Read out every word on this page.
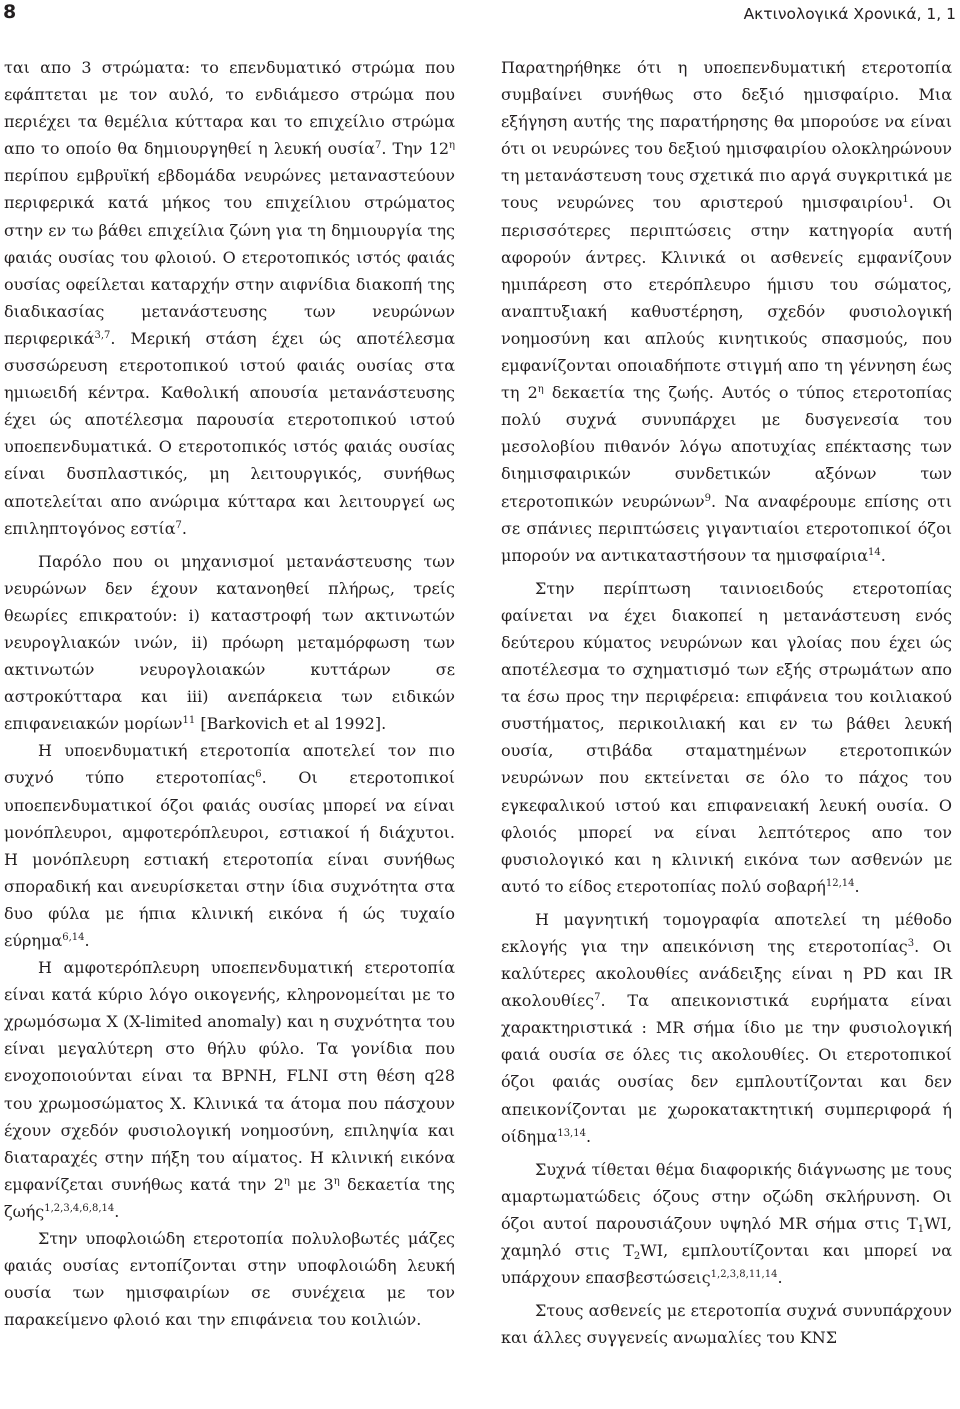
8	Ακτινολογικά Χρονικά, 1, 1

ται απο 3 στρώματα: το επενδυματικό στρώμα που εφάπτεται με τον αυλό, το ενδιάμεσο στρώμα που περιέχει τα θεμέλια κύτταρα και το επιχείλιο στρώμα απο το οποίο θα δημιουργηθεί η λευκή ουσία$^7$. Την $12^\eta$ περίπου εμβρυϊκή εβδομάδα νευρώνες μεταναστεύουν περιφερικά κατά μήκος του επιχείλιου στρώματος στην εν τω βάθει επιχείλια ζώνη για τη δημιουργία της φαιάς ουσίας του φλοιού. Ο ετεροτοπικός ιστός φαιάς ουσίας οφείλεται καταρχήν στην αιφνίδια διακοπή της διαδικασίας μετανάστευσης των νευρώνων περιφερικά$^{3,7}$. Μερική στάση έχει ώς αποτέλεσμα συσσώρευση ετεροτοπικού ιστού φαιάς ουσίας στα ημιωειδή κέντρα. Καθολική απουσία μετανάστευσης έχει ώς αποτέλεσμα παρουσία ετεροτοπικού ιστού υποεπενδυματικά. Ο ετεροτοπικός ιστός φαιάς ουσίας είναι δυσπλαστικός, μη λειτουργικός, συνήθως αποτελείται απο ανώριμα κύτταρα και λειτουργεί ως επιληπτογόνος εστία$^7$.

Παρόλο που οι μηχανισμοί μετανάστευσης των νευρώνων δεν έχουν κατανοηθεί πλήρως, τρείς θεωρίες επικρατούν: i) καταστροφή των ακτινωτών νευρογλιακών ινών, ii) πρόωρη μεταμόρφωση των ακτινωτών νευρογλοιακών κυττάρων σε αστροκύτταρα και iii) ανεπάρκεια των ειδικών επιφανειακών μορίων$^{11}$ [Barkovich et al 1992].

Η υποενδυματική ετεροτοπία αποτελεί τον πιο συχνό τύπο ετεροτοπίας$^6$. Οι ετεροτοπικοί υποεπενδυματικοί όζοι φαιάς ουσίας μπορεί να είναι μονόπλευροι, αμφοτερόπλευροι, εστιακοί ή διάχυτοι. Η μονόπλευρη εστιακή ετεροτοπία είναι συνήθως σποραδική και ανευρίσκεται στην ίδια συχνότητα στα δυο φύλα με ήπια κλινική εικόνα ή ώς τυχαίο εύρημα$^{6,14}$.

Η αμφοτερόπλευρη υποεπενδυματική ετεροτοπία είναι κατά κύριο λόγο οικογενής, κληρονομείται με το χρωμόσωμα X (X-limited anomaly) και η συχνότητα του είναι μεγαλύτερη στο θήλυ φύλο. Τα γονίδια που ενοχοποιούνται είναι τα BPNH, FLNI στη θέση q28 του χρωμοσώματος X. Κλινικά τα άτομα που πάσχουν έχουν σχεδόν φυσιολογική νοημοσύνη, επιληψία και διαταραχές στην πήξη του αίματος. Η κλινική εικόνα εμφανίζεται συνήθως κατά την $2^\eta$ με $3^\eta$ δεκαετία της ζωής$^{1,2,3,4,6,8,14}$.

Στην υποφλοιώδη ετεροτοπία πολυλοβωτές μάζες φαιάς ουσίας εντοπίζονται στην υποφλοιώδη λευκή ουσία των ημισφαιρίων σε συνέχεια με τον παρακείμενο φλοιό και την επιφάνεια του κοιλιών.

Παρατηρήθηκε ότι η υποεπενδυματική ετεροτοπία συμβαίνει συνήθως στο δεξιό ημισφαίριο. Μια εξήγηση αυτής της παρατήρησης θα μπορούσε να είναι ότι οι νευρώνες του δεξιού ημισφαιρίου ολοκληρώνουν τη μετανάστευση τους σχετικά πιο αργά συγκριτικά με τους νευρώνες του αριστερού ημισφαιρίου$^1$. Οι περισσότερες περιπτώσεις στην κατηγορία αυτή αφορούν άντρες. Κλινικά οι ασθενείς εμφανίζουν ημιπάρεση στο ετερόπλευρο ήμισυ του σώματος, αναπτυξιακή καθυστέρηση, σχεδόν φυσιολογική νοημοσύνη και απλούς κινητικούς σπασμούς, που εμφανίζονται οποιαδήποτε στιγμή απο τη γέννηση έως τη $2^\eta$ δεκαετία της ζωής. Αυτός ο τύπος ετεροτοπίας πολύ συχνά συνυπάρχει με δυσγενεσία του μεσολοβίου πιθανόν λόγω αποτυχίας επέκτασης των διημισφαιρικών συνδετικών αξόνων των ετεροτοπικών νευρώνων$^9$. Να αναφέρουμε επίσης οτι σε σπάνιες περιπτώσεις γιγαντιαίοι ετεροτοπικοί όζοι μπορούν να αντικαταστήσουν τα ημισφαίρια$^{14}$.

Στην περίπτωση ταινιοειδούς ετεροτοπίας φαίνεται να έχει διακοπεί η μετανάστευση ενός δεύτερου κύματος νευρώνων και γλοίας που έχει ώς αποτέλεσμα το σχηματισμό των εξής στρωμάτων απο τα έσω προς την περιφέρεια: επιφάνεια του κοιλιακού συστήματος, περικοιλιακή και εν τω βάθει λευκή ουσία, στιβάδα σταματημένων ετεροτοπικών νευρώνων που εκτείνεται σε όλο το πάχος του εγκεφαλικού ιστού και επιφανειακή λευκή ουσία. Ο φλοιός μπορεί να είναι λεπτότερος απο τον φυσιολογικό και η κλινική εικόνα των ασθενών με αυτό το είδος ετεροτοπίας πολύ σοβαρή$^{12,14}$.

Η μαγνητική τομογραφία αποτελεί τη μέθοδο εκλογής για την απεικόνιση της ετεροτοπίας$^3$. Οι καλύτερες ακολουθίες ανάδειξης είναι η PD και IR ακολουθίες$^7$. Τα απεικονιστικά ευρήματα είναι χαρακτηριστικά : MR σήμα ίδιο με την φυσιολογική φαιά ουσία σε όλες τις ακολουθίες. Οι ετεροτοπικοί όζοι φαιάς ουσίας δεν εμπλουτίζονται και δεν απεικονίζονται με χωροκατακτητική συμπεριφορά ή οίδημα$^{13,14}$.

Συχνά τίθεται θέμα διαφορικής διάγνωσης με τους αμαρτωματώδεις όζους στην οζώδη σκλήρυνση. Οι όζοι αυτοί παρουσιάζουν υψηλό MR σήμα στις $T_1WI$, χαμηλό στις $T_2WI$, εμπλουτίζονται και μπορεί να υπάρχουν επασβεστώσεις$^{1,2,3,8,11,14}$.

Στους ασθενείς με ετεροτοπία συχνά συνυπάρχουν και άλλες συγγενείς ανωμαλίες του ΚΝΣ
